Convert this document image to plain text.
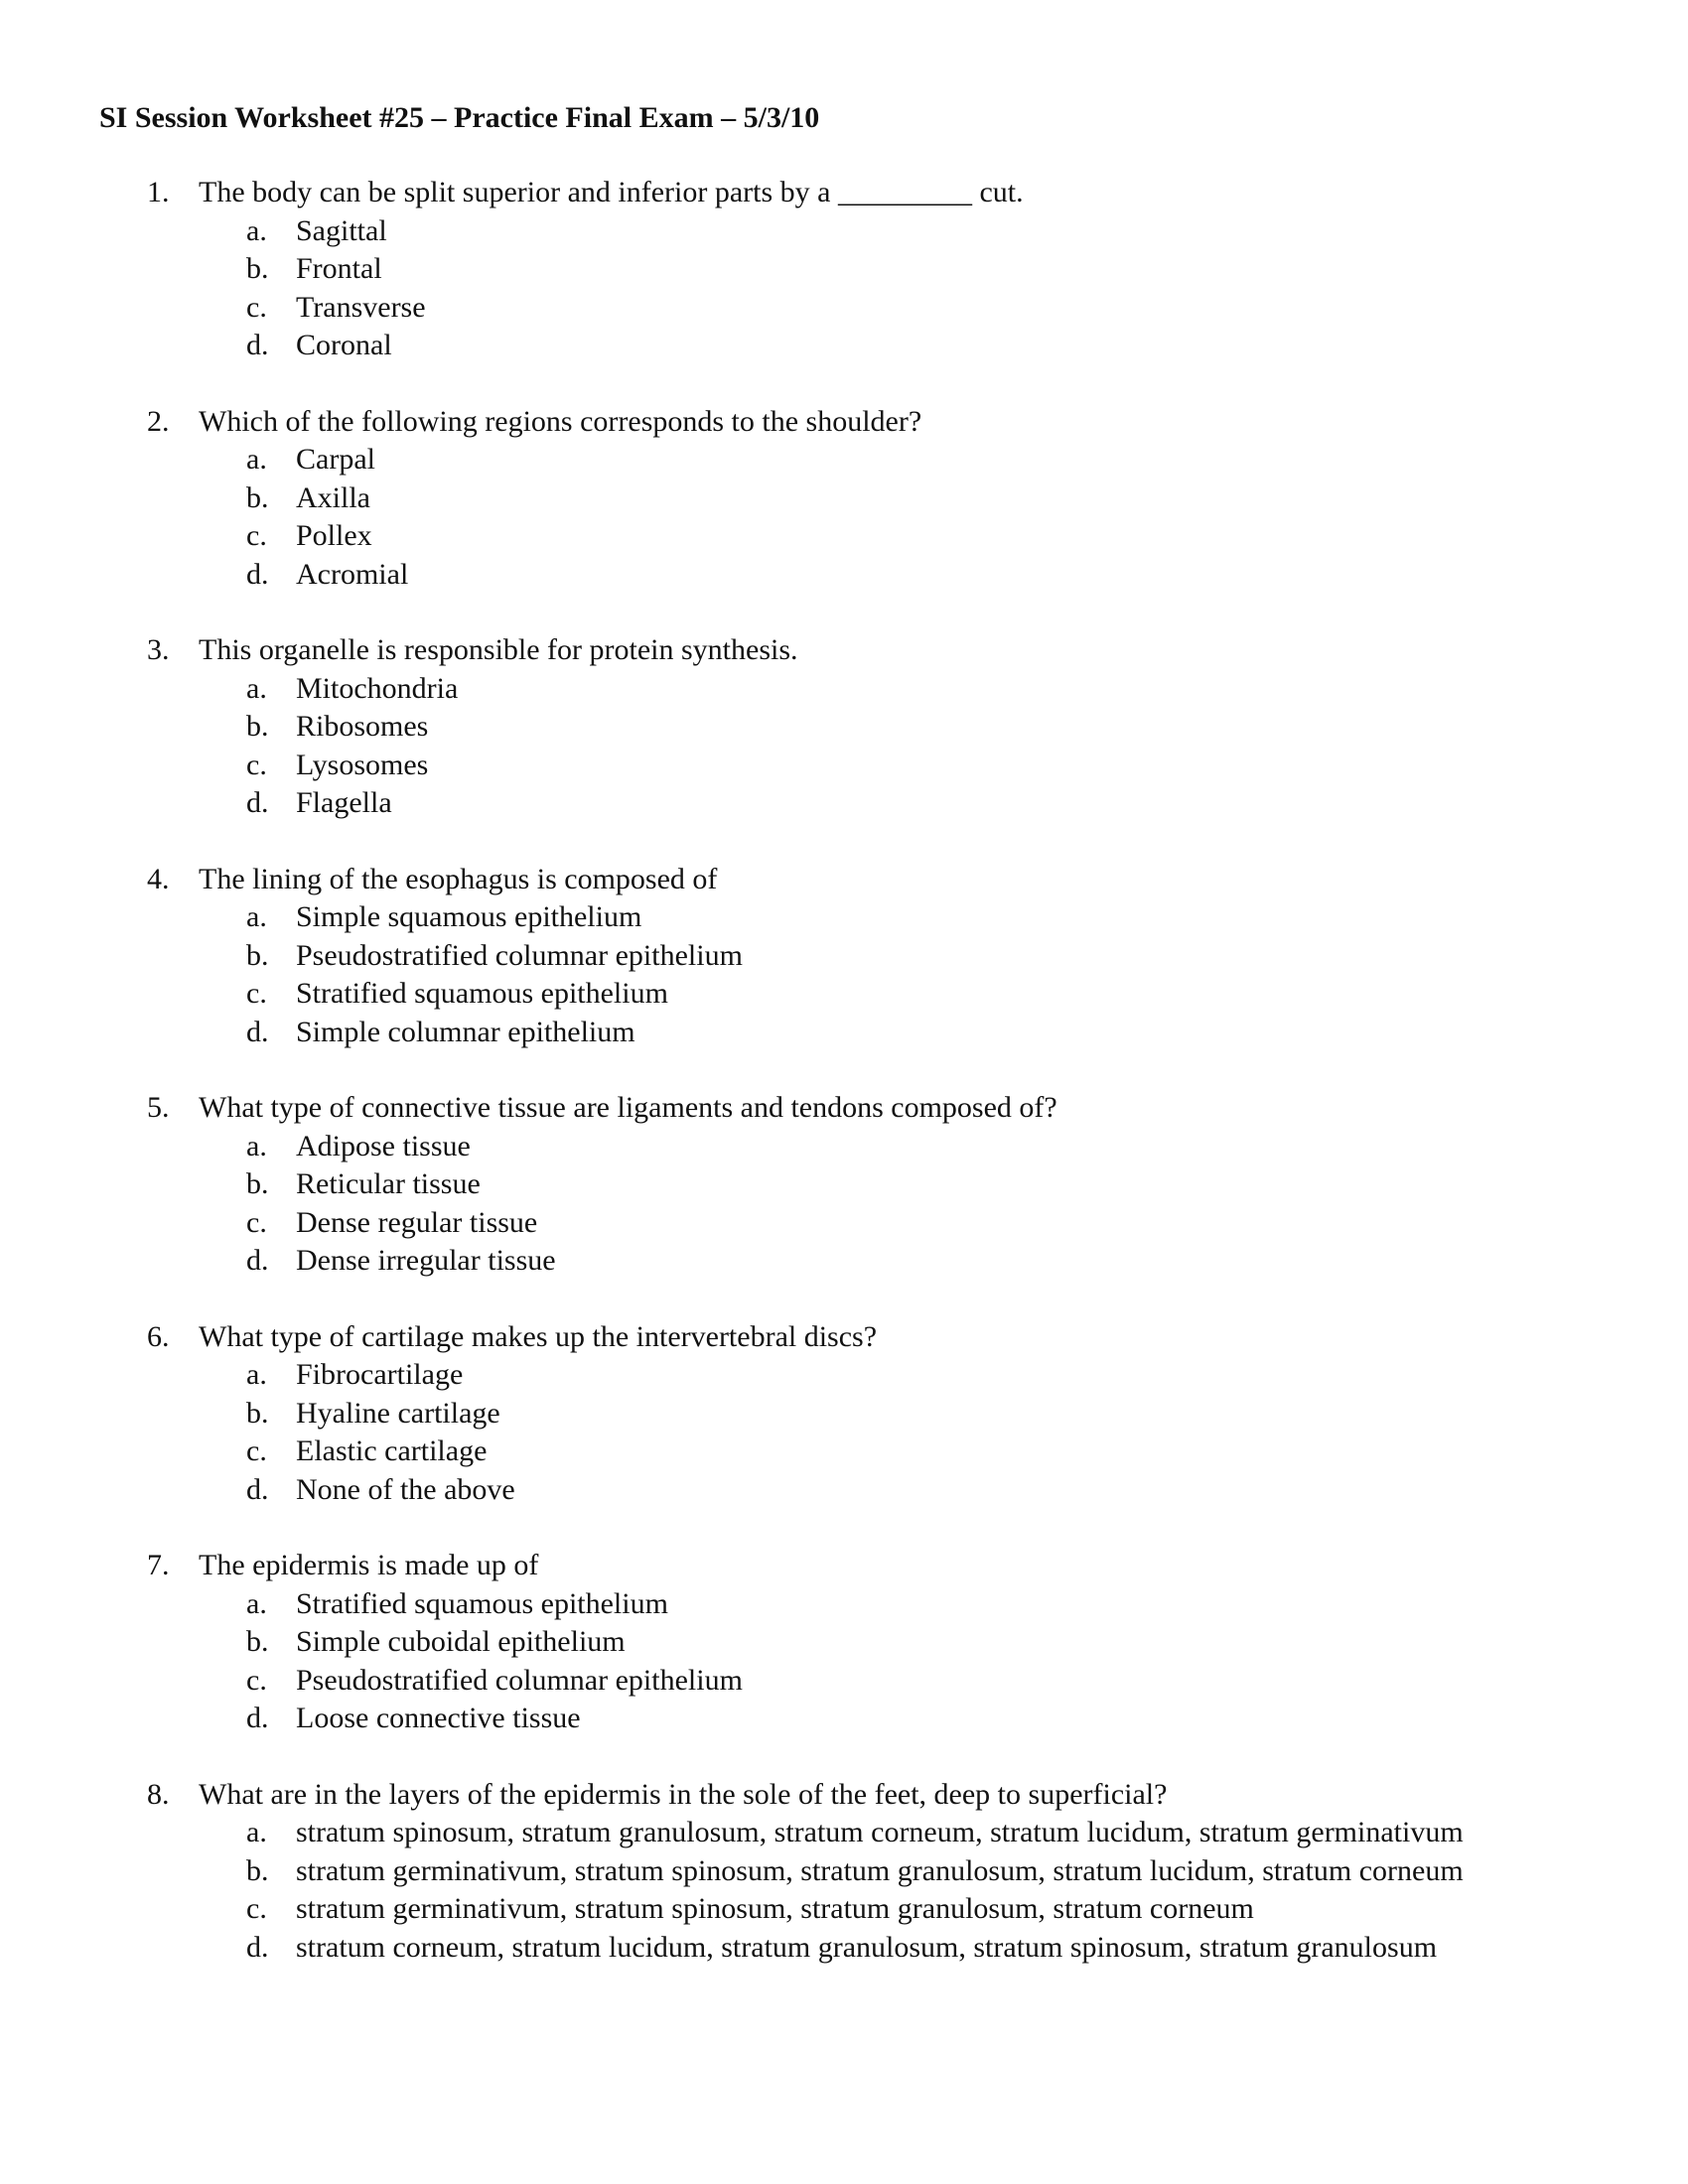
SI Session Worksheet #25 – Practice Final Exam – 5/3/10
1. The body can be split superior and inferior parts by a _________ cut.
a. Sagittal
b. Frontal
c. Transverse
d. Coronal
2. Which of the following regions corresponds to the shoulder?
a. Carpal
b. Axilla
c. Pollex
d. Acromial
3. This organelle is responsible for protein synthesis.
a. Mitochondria
b. Ribosomes
c. Lysosomes
d. Flagella
4. The lining of the esophagus is composed of
a. Simple squamous epithelium
b. Pseudostratified columnar epithelium
c. Stratified squamous epithelium
d. Simple columnar epithelium
5. What type of connective tissue are ligaments and tendons composed of?
a. Adipose tissue
b. Reticular tissue
c. Dense regular tissue
d. Dense irregular tissue
6. What type of cartilage makes up the intervertebral discs?
a. Fibrocartilage
b. Hyaline cartilage
c. Elastic cartilage
d. None of the above
7. The epidermis is made up of
a. Stratified squamous epithelium
b. Simple cuboidal epithelium
c. Pseudostratified columnar epithelium
d. Loose connective tissue
8. What are in the layers of the epidermis in the sole of the feet, deep to superficial?
a. stratum spinosum, stratum granulosum, stratum corneum, stratum lucidum, stratum germinativum
b. stratum germinativum, stratum spinosum, stratum granulosum, stratum lucidum, stratum corneum
c. stratum germinativum, stratum spinosum, stratum granulosum, stratum corneum
d. stratum corneum, stratum lucidum, stratum granulosum, stratum spinosum, stratum granulosum
